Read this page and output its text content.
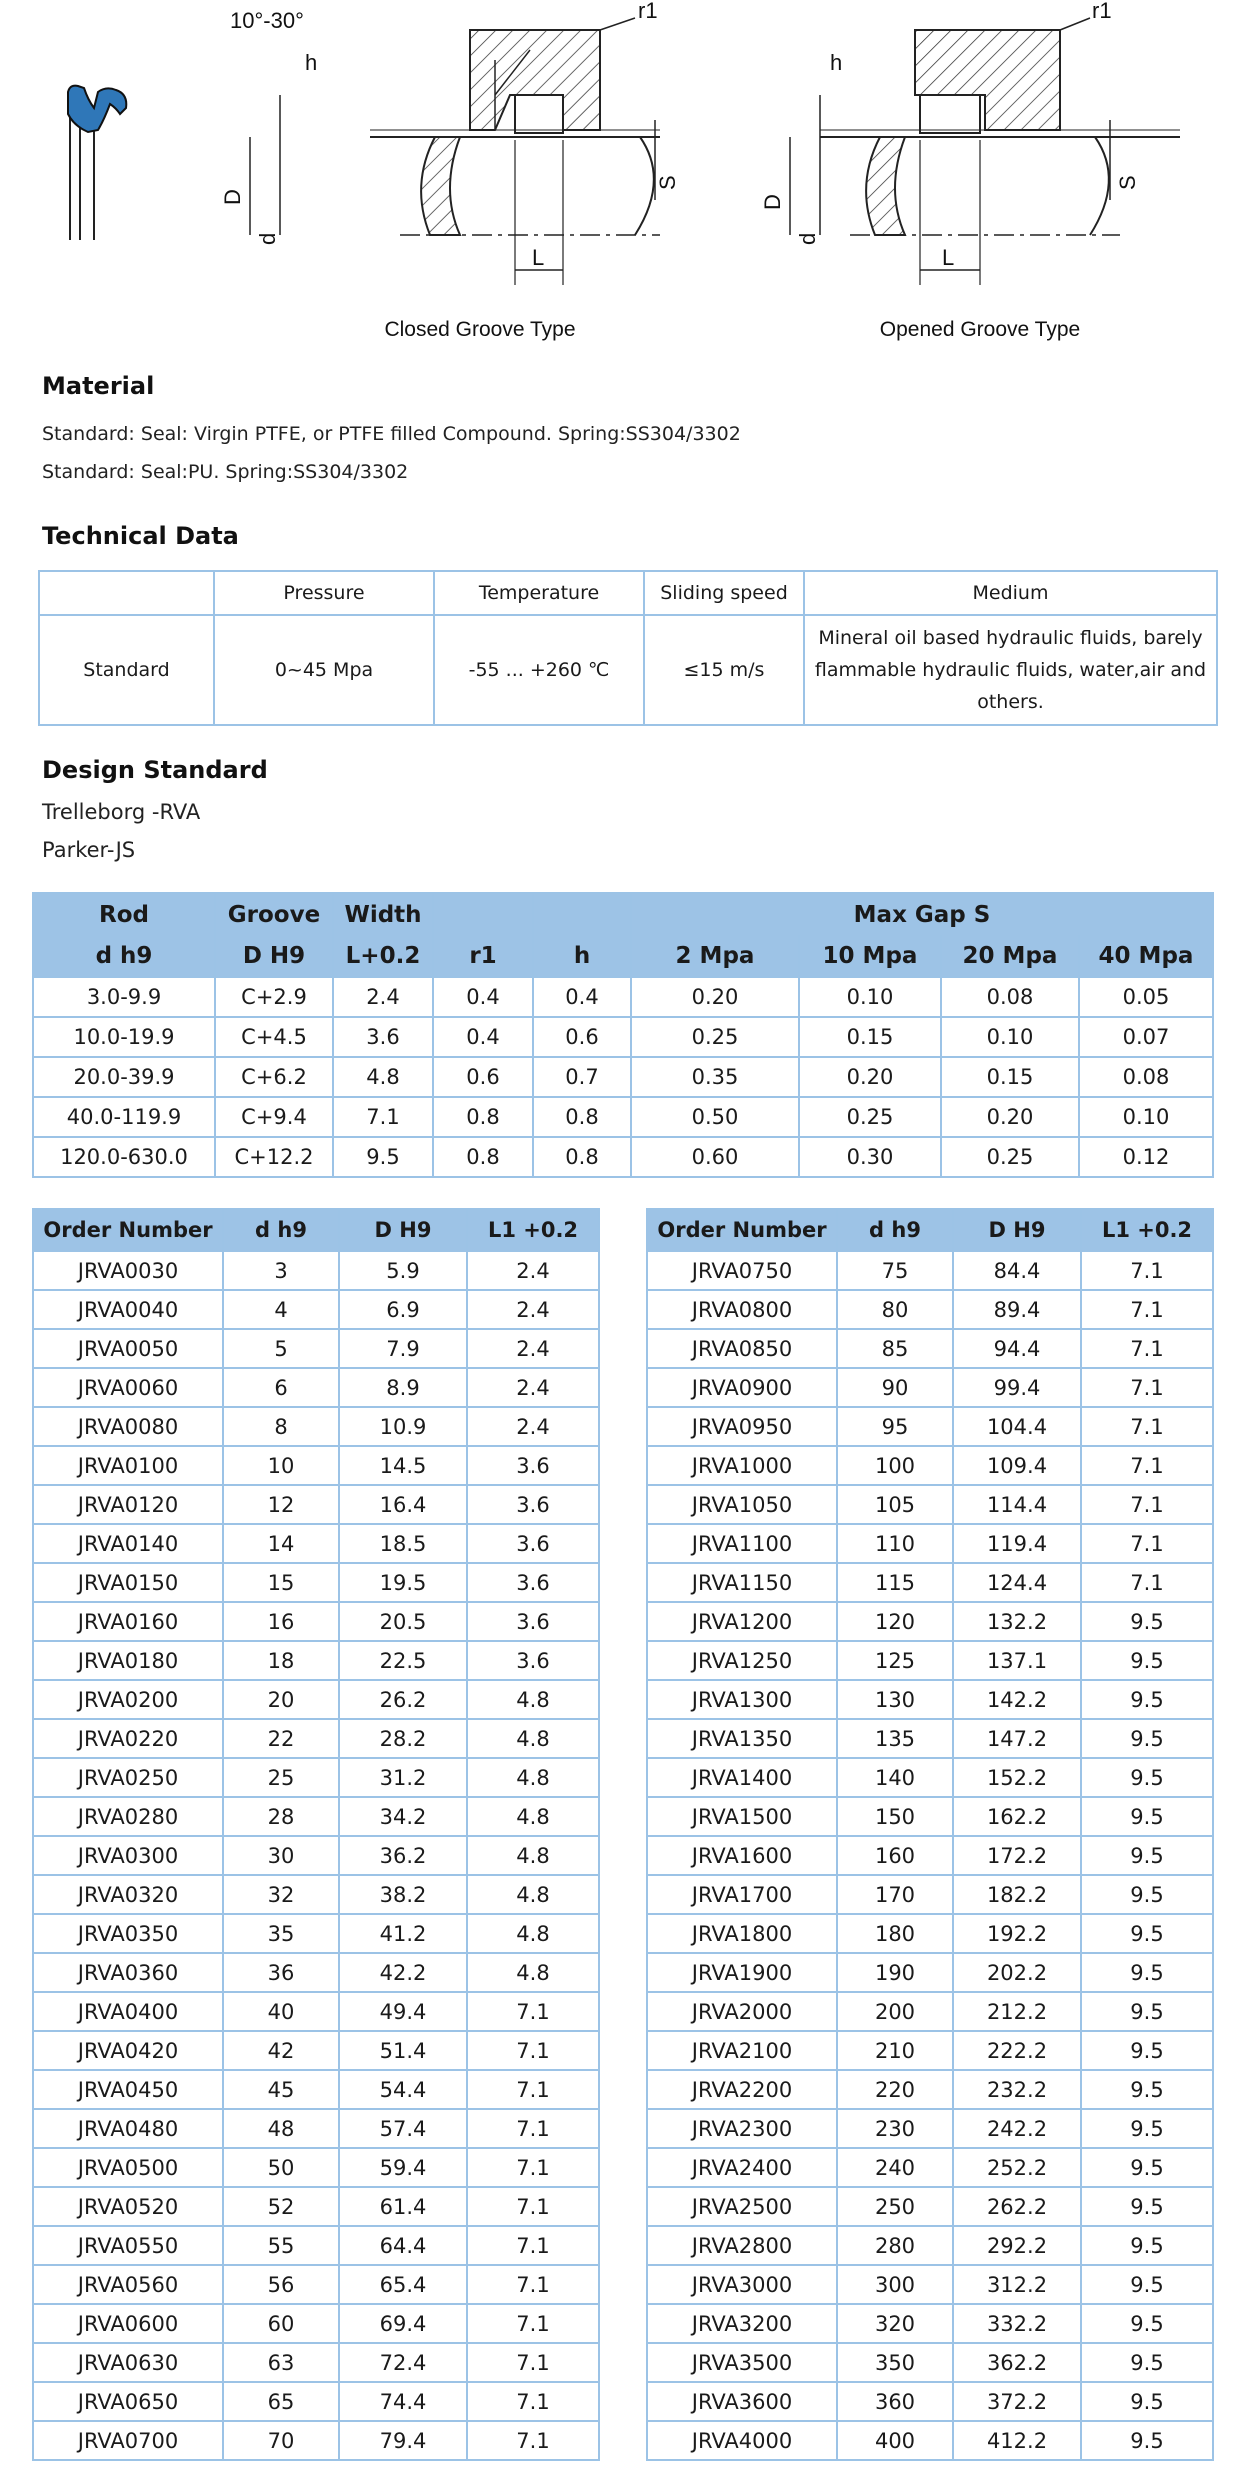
10°-30°	r1
h
D
d
S
L
Closed Groove Type
r1
h
D
d
S
L
Opened Groove Type
Material
Standard: Seal: Virgin PTFE, or PTFE filled Compound. Spring:SS304/3302
Standard: Seal:PU. Spring:SS304/3302
Technical Data
	Pressure	Temperature	Sliding speed	Medium
Standard	0~45 Mpa	-55 ... +260 ℃	≤15 m/s	Mineral oil based hydraulic fluids, barely flammable hydraulic fluids, water,air and others.
Design Standard
Trelleborg -RVA
Parker-JS
Rod	Groove	Width			Max Gap S			
d h9	D H9	L+0.2	r1	h	2 Mpa	10 Mpa	20 Mpa	40 Mpa
3.0-9.9	C+2.9	2.4	0.4	0.4	0.20	0.10	0.08	0.05
10.0-19.9	C+4.5	3.6	0.4	0.6	0.25	0.15	0.10	0.07
20.0-39.9	C+6.2	4.8	0.6	0.7	0.35	0.20	0.15	0.08
40.0-119.9	C+9.4	7.1	0.8	0.8	0.50	0.25	0.20	0.10
120.0-630.0	C+12.2	9.5	0.8	0.8	0.60	0.30	0.25	0.12
Order Number	d h9	D H9	L1 +0.2
JRVA0030	3	5.9	2.4
JRVA0040	4	6.9	2.4
JRVA0050	5	7.9	2.4
JRVA0060	6	8.9	2.4
JRVA0080	8	10.9	2.4
JRVA0100	10	14.5	3.6
JRVA0120	12	16.4	3.6
JRVA0140	14	18.5	3.6
JRVA0150	15	19.5	3.6
JRVA0160	16	20.5	3.6
JRVA0180	18	22.5	3.6
JRVA0200	20	26.2	4.8
JRVA0220	22	28.2	4.8
JRVA0250	25	31.2	4.8
JRVA0280	28	34.2	4.8
JRVA0300	30	36.2	4.8
JRVA0320	32	38.2	4.8
JRVA0350	35	41.2	4.8
JRVA0360	36	42.2	4.8
JRVA0400	40	49.4	7.1
JRVA0420	42	51.4	7.1
JRVA0450	45	54.4	7.1
JRVA0480	48	57.4	7.1
JRVA0500	50	59.4	7.1
JRVA0520	52	61.4	7.1
JRVA0550	55	64.4	7.1
JRVA0560	56	65.4	7.1
JRVA0600	60	69.4	7.1
JRVA0630	63	72.4	7.1
JRVA0650	65	74.4	7.1
JRVA0700	70	79.4	7.1
Order Number	d h9	D H9	L1 +0.2
JRVA0750	75	84.4	7.1
JRVA0800	80	89.4	7.1
JRVA0850	85	94.4	7.1
JRVA0900	90	99.4	7.1
JRVA0950	95	104.4	7.1
JRVA1000	100	109.4	7.1
JRVA1050	105	114.4	7.1
JRVA1100	110	119.4	7.1
JRVA1150	115	124.4	7.1
JRVA1200	120	132.2	9.5
JRVA1250	125	137.1	9.5
JRVA1300	130	142.2	9.5
JRVA1350	135	147.2	9.5
JRVA1400	140	152.2	9.5
JRVA1500	150	162.2	9.5
JRVA1600	160	172.2	9.5
JRVA1700	170	182.2	9.5
JRVA1800	180	192.2	9.5
JRVA1900	190	202.2	9.5
JRVA2000	200	212.2	9.5
JRVA2100	210	222.2	9.5
JRVA2200	220	232.2	9.5
JRVA2300	230	242.2	9.5
JRVA2400	240	252.2	9.5
JRVA2500	250	262.2	9.5
JRVA2800	280	292.2	9.5
JRVA3000	300	312.2	9.5
JRVA3200	320	332.2	9.5
JRVA3500	350	362.2	9.5
JRVA3600	360	372.2	9.5
JRVA4000	400	412.2	9.5
